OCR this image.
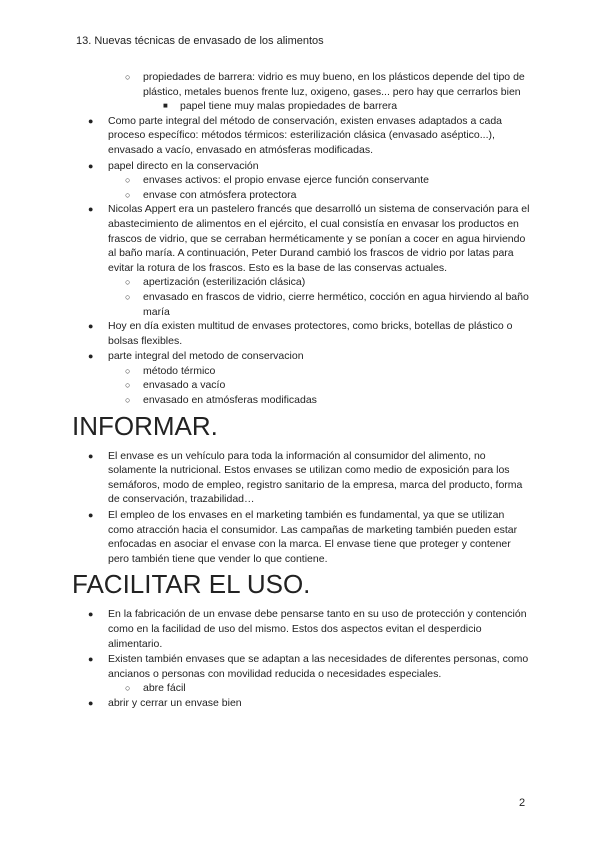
13. Nuevas técnicas de envasado de los alimentos
○ propiedades de barrera: vidrio es muy bueno, en los plásticos depende del tipo de plástico, metales buenos frente luz, oxigeno, gases... pero hay que cerrarlos bien
■ papel tiene muy malas propiedades de barrera
● Como parte integral del método de conservación, existen envases adaptados a cada proceso específico: métodos térmicos: esterilización clásica (envasado aséptico...), envasado a vacío, envasado en atmósferas modificadas.
● papel directo en la conservación
○ envases activos: el propio envase ejerce función conservante
○ envase con atmósfera protectora
● Nicolas Appert era un pastelero francés que desarrolló un sistema de conservación para el abastecimiento de alimentos en el ejército, el cual consistía en envasar los productos en frascos de vidrio, que se cerraban herméticamente y se ponían a cocer en agua hirviendo al baño maría. A continuación, Peter Durand cambió los frascos de vidrio por latas para evitar la rotura de los frascos. Esto es la base de las conservas actuales.
○ apertización (esterilización clásica)
○ envasado en frascos de vidrio, cierre hermético, cocción en agua hirviendo al baño maría
● Hoy en día existen multitud de envases protectores, como bricks, botellas de plástico o bolsas flexibles.
● parte integral del metodo de conservacion
○ método térmico
○ envasado a vacío
○ envasado en atmósferas modificadas
INFORMAR.
● El envase es un vehículo para toda la información al consumidor del alimento, no solamente la nutricional. Estos envases se utilizan como medio de exposición para los semáforos, modo de empleo, registro sanitario de la empresa, marca del producto, forma de conservación, trazabilidad…
● El empleo de los envases en el marketing también es fundamental, ya que se utilizan como atracción hacia el consumidor. Las campañas de marketing también pueden estar enfocadas en asociar el envase con la marca. El envase tiene que proteger y contener pero también tiene que vender lo que contiene.
FACILITAR EL USO.
● En la fabricación de un envase debe pensarse tanto en su uso de protección y contención como en la facilidad de uso del mismo. Estos dos aspectos evitan el desperdicio alimentario.
● Existen también envases que se adaptan a las necesidades de diferentes personas, como ancianos o personas con movilidad reducida o necesidades especiales.
○ abre fácil
● abrir y cerrar un envase bien
2
